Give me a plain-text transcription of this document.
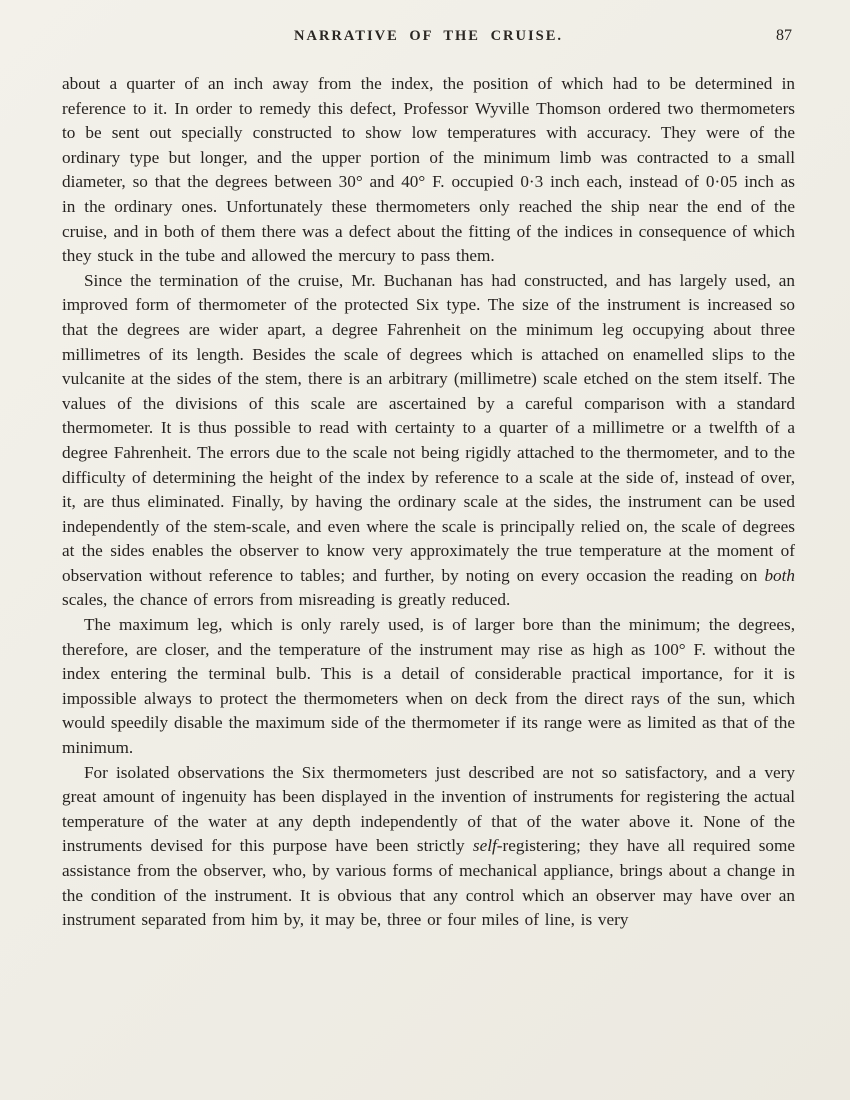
NARRATIVE OF THE CRUISE.	87

about a quarter of an inch away from the index, the position of which had to be determined in reference to it. In order to remedy this defect, Professor Wyville Thomson ordered two thermometers to be sent out specially constructed to show low temperatures with accuracy. They were of the ordinary type but longer, and the upper portion of the minimum limb was contracted to a small diameter, so that the degrees between 30° and 40° F. occupied 0·3 inch each, instead of 0·05 inch as in the ordinary ones. Unfortunately these thermometers only reached the ship near the end of the cruise, and in both of them there was a defect about the fitting of the indices in consequence of which they stuck in the tube and allowed the mercury to pass them.

Since the termination of the cruise, Mr. Buchanan has had constructed, and has largely used, an improved form of thermometer of the protected Six type. The size of the instrument is increased so that the degrees are wider apart, a degree Fahrenheit on the minimum leg occupying about three millimetres of its length. Besides the scale of degrees which is attached on enamelled slips to the vulcanite at the sides of the stem, there is an arbitrary (millimetre) scale etched on the stem itself. The values of the divisions of this scale are ascertained by a careful comparison with a standard thermometer. It is thus possible to read with certainty to a quarter of a millimetre or a twelfth of a degree Fahrenheit. The errors due to the scale not being rigidly attached to the thermometer, and to the difficulty of determining the height of the index by reference to a scale at the side of, instead of over, it, are thus eliminated. Finally, by having the ordinary scale at the sides, the instrument can be used independently of the stem-scale, and even where the scale is principally relied on, the scale of degrees at the sides enables the observer to know very approximately the true temperature at the moment of observation without reference to tables; and further, by noting on every occasion the reading on both scales, the chance of errors from misreading is greatly reduced.

The maximum leg, which is only rarely used, is of larger bore than the minimum; the degrees, therefore, are closer, and the temperature of the instrument may rise as high as 100° F. without the index entering the terminal bulb. This is a detail of considerable practical importance, for it is impossible always to protect the thermometers when on deck from the direct rays of the sun, which would speedily disable the maximum side of the thermometer if its range were as limited as that of the minimum.

For isolated observations the Six thermometers just described are not so satisfactory, and a very great amount of ingenuity has been displayed in the invention of instruments for registering the actual temperature of the water at any depth independently of that of the water above it. None of the instruments devised for this purpose have been strictly self-registering; they have all required some assistance from the observer, who, by various forms of mechanical appliance, brings about a change in the condition of the instrument. It is obvious that any control which an observer may have over an instrument separated from him by, it may be, three or four miles of line, is very
